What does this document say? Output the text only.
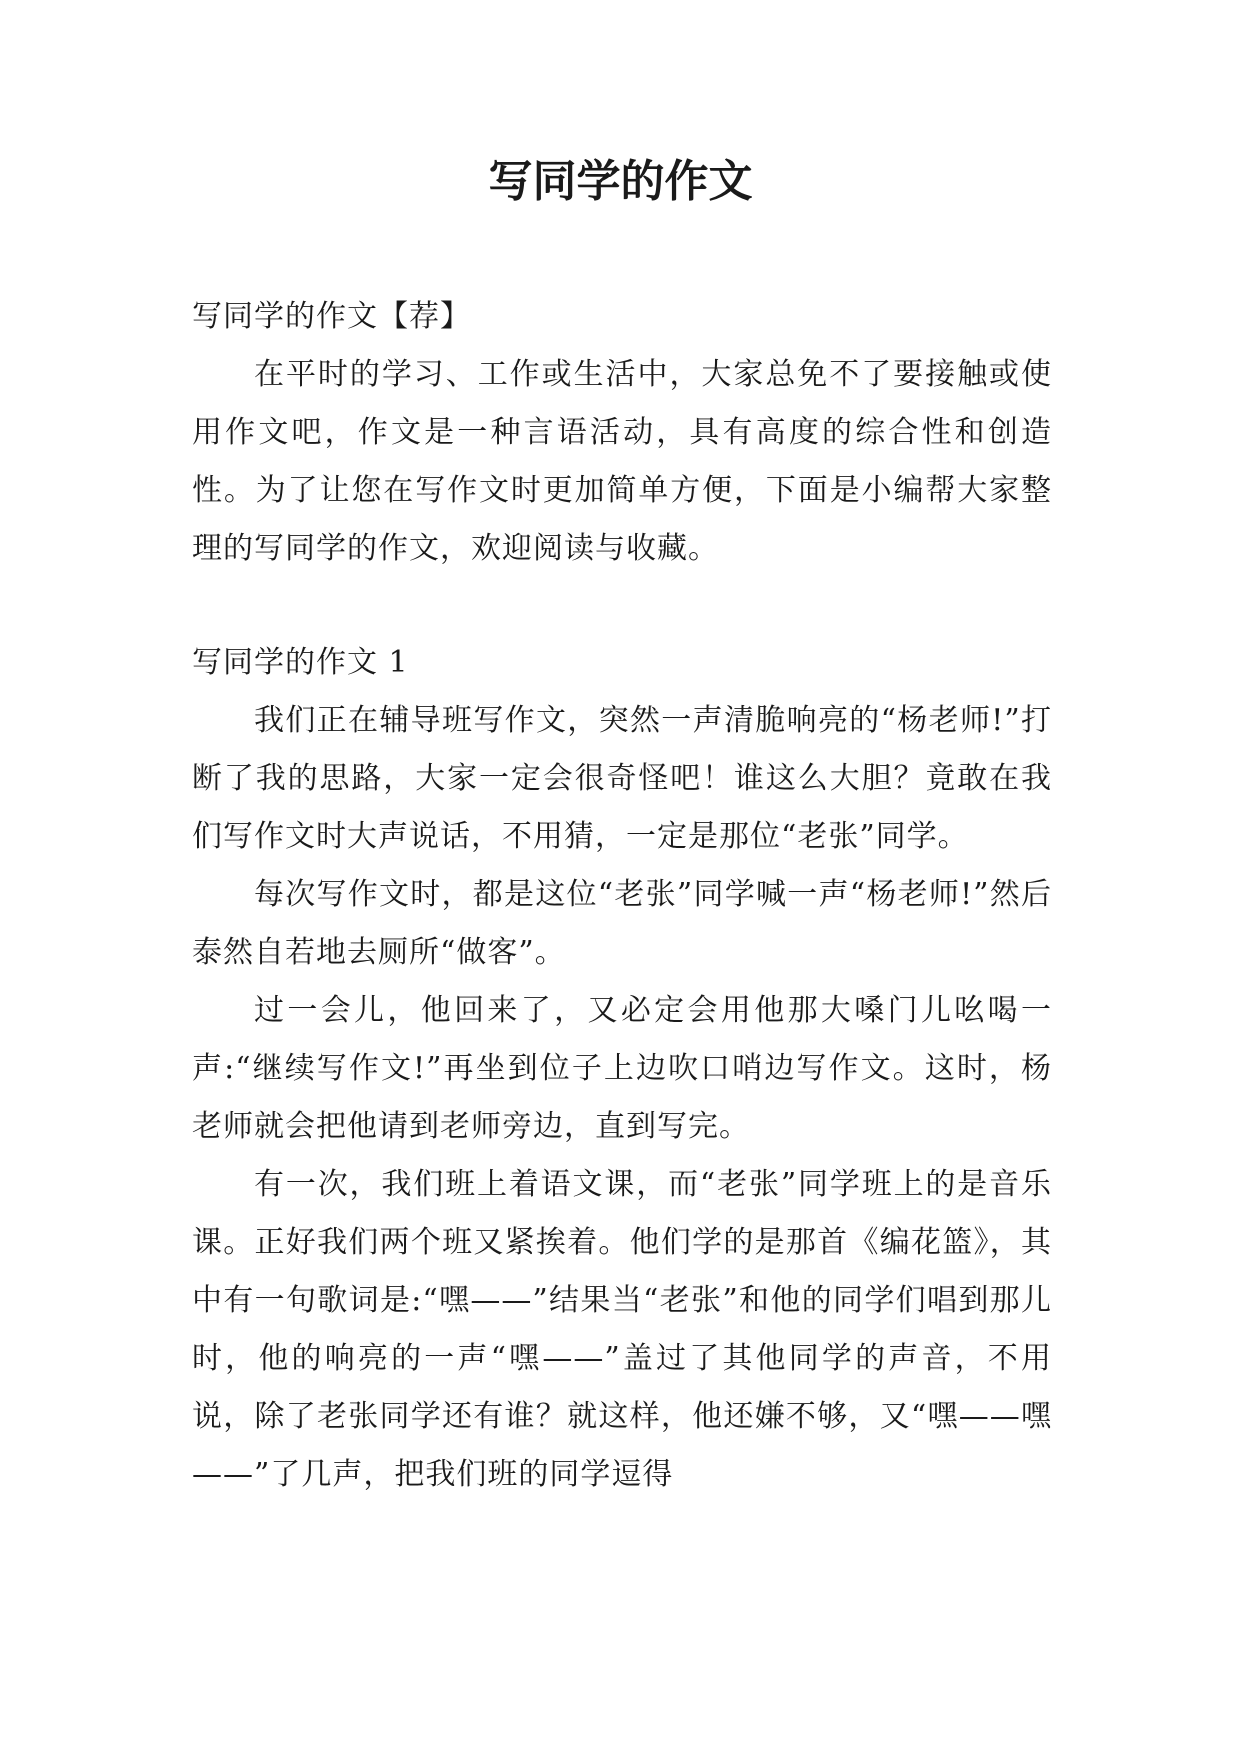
写同学的作文

写同学的作文【荐】

在平时的学习、工作或生活中，大家总免不了要接触或使用作文吧，作文是一种言语活动，具有高度的综合性和创造性。为了让您在写作文时更加简单方便，下面是小编帮大家整理的写同学的作文，欢迎阅读与收藏。

写同学的作文 1

我们正在辅导班写作文，突然一声清脆响亮的“杨老师!”打断了我的思路，大家一定会很奇怪吧！谁这么大胆？竟敢在我们写作文时大声说话，不用猜，一定是那位“老张”同学。

每次写作文时，都是这位“老张”同学喊一声“杨老师!”然后泰然自若地去厕所“做客”。

过一会儿，他回来了，又必定会用他那大嗓门儿吆喝一声:“继续写作文!”再坐到位子上边吹口哨边写作文。这时，杨老师就会把他请到老师旁边，直到写完。

有一次，我们班上着语文课，而“老张”同学班上的是音乐课。正好我们两个班又紧挨着。他们学的是那首《编花篮》，其中有一句歌词是:“嘿——”结果当“老张”和他的同学们唱到那儿时，他的响亮的一声“嘿——”盖过了其他同学的声音，不用说，除了老张同学还有谁？就这样，他还嫌不够，又“嘿——嘿——”了几声，把我们班的同学逗得
